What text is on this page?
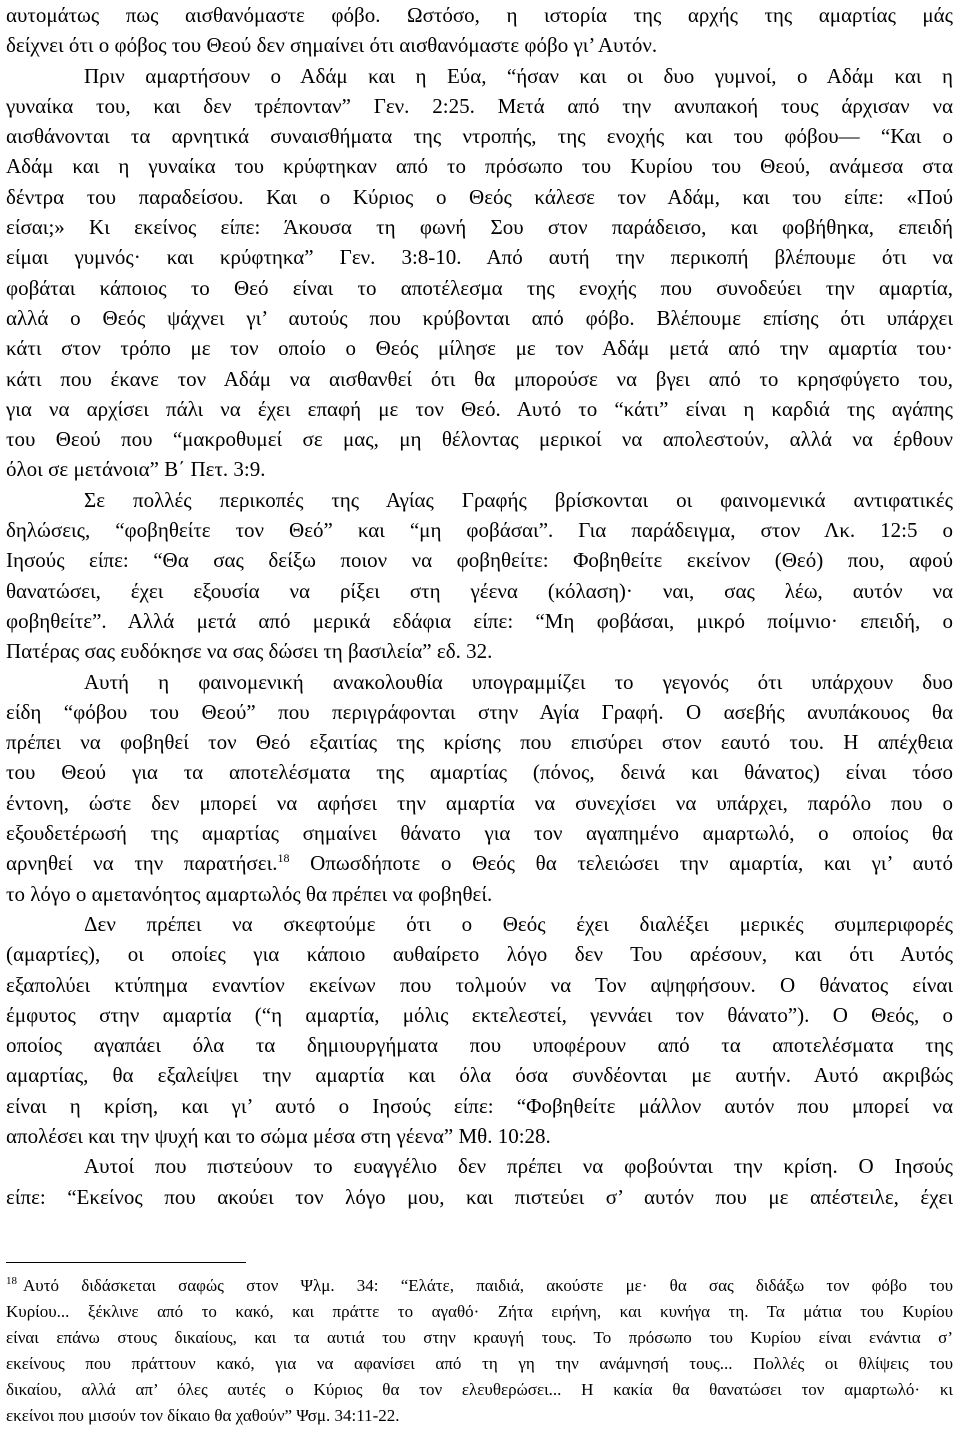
αυτομάτως πως αισθανόμαστε φόβο. Ωστόσο, η ιστορία της αρχής της αμαρτίας μάς
δείχνει ότι ο φόβος του Θεού δεν σημαίνει ότι αισθανόμαστε φόβο γι’ Αυτόν.
Πριν αμαρτήσουν ο Αδάμ και η Εύα, “ήσαν και οι δυο γυμνοί, ο Αδάμ και η
γυναίκα του, και δεν τρέπονταν” Γεν. 2:25. Μετά από την ανυπακοή τους άρχισαν να
αισθάνονται τα αρνητικά συναισθήματα της ντροπής, της ενοχής και του φόβου— “Και ο
Αδάμ και η γυναίκα του κρύφτηκαν από το πρόσωπο του Κυρίου του Θεού, ανάμεσα στα
δέντρα του παραδείσου. Και ο Κύριος ο Θεός κάλεσε τον Αδάμ, και του είπε: «Πού
είσαι;» Κι εκείνος είπε: Άκουσα τη φωνή Σου στον παράδεισο, και φοβήθηκα, επειδή
είμαι γυμνός· και κρύφτηκα” Γεν. 3:8-10. Από αυτή την περικοπή βλέπουμε ότι να
φοβάται κάποιος το Θεό είναι το αποτέλεσμα της ενοχής που συνοδεύει την αμαρτία,
αλλά ο Θεός ψάχνει γι’ αυτούς που κρύβονται από φόβο. Βλέπουμε επίσης ότι υπάρχει
κάτι στον τρόπο με τον οποίο ο Θεός μίλησε με τον Αδάμ μετά από την αμαρτία του·
κάτι που έκανε τον Αδάμ να αισθανθεί ότι θα μπορούσε να βγει από το κρησφύγετο του,
για να αρχίσει πάλι να έχει επαφή με τον Θεό. Αυτό το “κάτι” είναι η καρδιά της αγάπης
του Θεού που “μακροθυμεί σε μας, μη θέλοντας μερικοί να απολεστούν, αλλά να έρθουν
όλοι σε μετάνοια” Β΄ Πετ. 3:9.
Σε πολλές περικοπές της Αγίας Γραφής βρίσκονται οι φαινομενικά αντιφατικές
δηλώσεις, “φοβηθείτε τον Θεό” και “μη φοβάσαι”. Για παράδειγμα, στον Λκ. 12:5 ο
Ιησούς είπε: “Θα σας δείξω ποιον να φοβηθείτε: Φοβηθείτε εκείνον (Θεό) που, αφού
θανατώσει, έχει εξουσία να ρίξει στη γέενα (κόλαση)· ναι, σας λέω, αυτόν να
φοβηθείτε”. Αλλά μετά από μερικά εδάφια είπε: “Μη φοβάσαι, μικρό ποίμνιο· επειδή, ο
Πατέρας σας ευδόκησε να σας δώσει τη βασιλεία” εδ. 32.
Αυτή η φαινομενική ανακολουθία υπογραμμίζει το γεγονός ότι υπάρχουν δυο
είδη “φόβου του Θεού” που περιγράφονται στην Αγία Γραφή. Ο ασεβής ανυπάκουος θα
πρέπει να φοβηθεί τον Θεό εξαιτίας της κρίσης που επισύρει στον εαυτό του. Η απέχθεια
του Θεού για τα αποτελέσματα της αμαρτίας (πόνος, δεινά και θάνατος) είναι τόσο
έντονη, ώστε δεν μπορεί να αφήσει την αμαρτία να συνεχίσει να υπάρχει, παρόλο που ο
εξουδετέρωσή της αμαρτίας σημαίνει θάνατο για τον αγαπημένο αμαρτωλό, ο οποίος θα
αρνηθεί να την παρατήσει.$^{18}$ Οπωσδήποτε ο Θεός θα τελειώσει την αμαρτία, και γι’ αυτό
το λόγο ο αμετανόητος αμαρτωλός θα πρέπει να φοβηθεί.
Δεν πρέπει να σκεφτούμε ότι ο Θεός έχει διαλέξει μερικές συμπεριφορές
(αμαρτίες), οι οποίες για κάποιο αυθαίρετο λόγο δεν Του αρέσουν, και ότι Αυτός
εξαπολύει κτύπημα εναντίον εκείνων που τολμούν να Τον αψηφήσουν. Ο θάνατος είναι
έμφυτος στην αμαρτία (“η αμαρτία, μόλις εκτελεστεί, γεννάει τον θάνατο”). Ο Θεός, ο
οποίος αγαπάει όλα τα δημιουργήματα που υποφέρουν από τα αποτελέσματα της
αμαρτίας, θα εξαλείψει την αμαρτία και όλα όσα συνδέονται με αυτήν. Αυτό ακριβώς
είναι η κρίση, και γι’ αυτό ο Ιησούς είπε: “Φοβηθείτε μάλλον αυτόν που μπορεί να
απολέσει και την ψυχή και το σώμα μέσα στη γέενα” Μθ. 10:28.
Αυτοί που πιστεύουν το ευαγγέλιο δεν πρέπει να φοβούνται την κρίση. Ο Ιησούς
είπε: “Εκείνος που ακούει τον λόγο μου, και πιστεύει σ’ αυτόν που με απέστειλε, έχει
$^{18}$ Αυτό διδάσκεται σαφώς στον Ψλμ. 34: “Ελάτε, παιδιά, ακούστε με· θα σας διδάξω τον φόβο του
Κυρίου... ξέκλινε από το κακό, και πράττε το αγαθό· Ζήτα ειρήνη, και κυνήγα τη. Τα μάτια του Κυρίου
είναι επάνω στους δικαίους, και τα αυτιά του στην κραυγή τους. Το πρόσωπο του Κυρίου είναι ενάντια σ’
εκείνους που πράττουν κακό, για να αφανίσει από τη γη την ανάμνησή τους... Πολλές οι θλίψεις του
δικαίου, αλλά απ’ όλες αυτές ο Κύριος θα τον ελευθερώσει... Η κακία θα θανατώσει τον αμαρτωλό· κι
εκείνοι που μισούν τον δίκαιο θα χαθούν” Ψσμ. 34:11-22.
